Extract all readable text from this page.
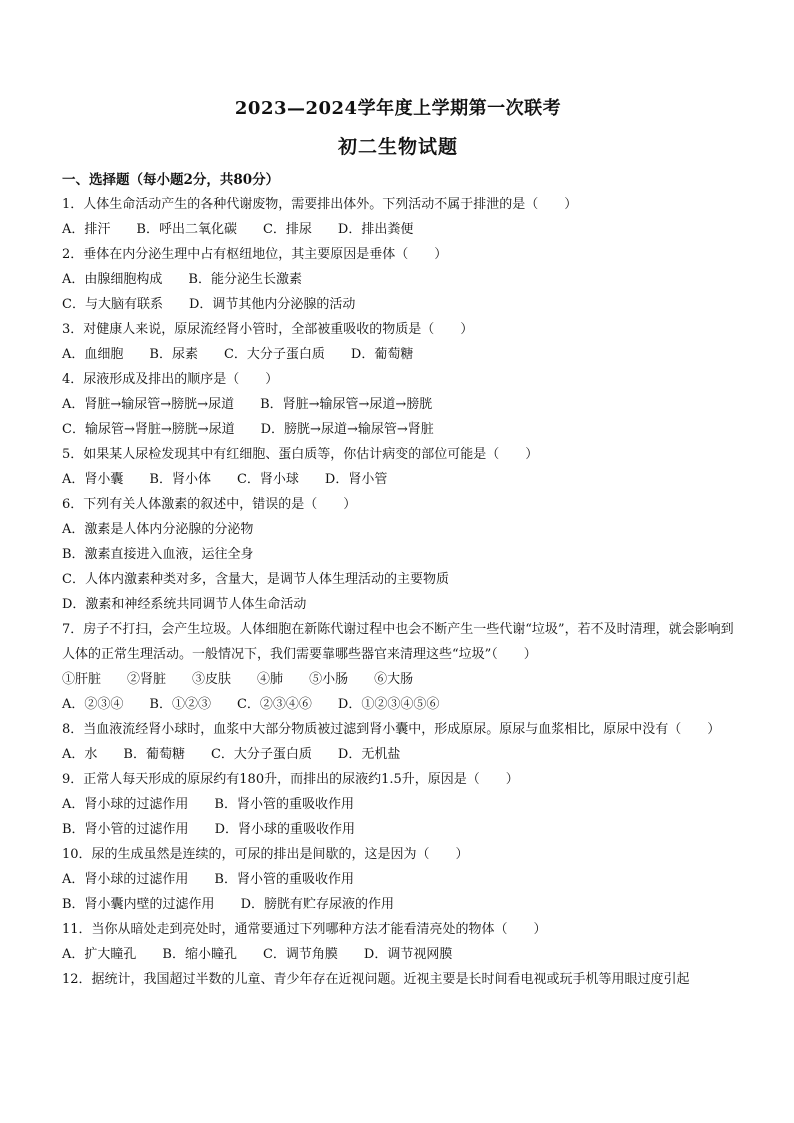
2023—2024学年度上学期第一次联考
初二生物试题
一、选择题（每小题2分，共80分）
1．人体生命活动产生的各种代谢废物，需要排出体外。下列活动不属于排泄的是（　　）
A．排汗 B．呼出二氧化碳 C．排尿 D．排出粪便
2．垂体在内分泌生理中占有枢纽地位，其主要原因是垂体（　　）
A．由腺细胞构成 B．能分泌生长激素
C．与大脑有联系 D．调节其他内分泌腺的活动
3．对健康人来说，原尿流经肾小管时，全部被重吸收的物质是（　　）
A．血细胞 B．尿素 C．大分子蛋白质 D．葡萄糖
4．尿液形成及排出的顺序是（　　）
A．肾脏→输尿管→膀胱→尿道 B．肾脏→输尿管→尿道→膀胱
C．输尿管→肾脏→膀胱→尿道 D．膀胱→尿道→输尿管→肾脏
5．如果某人尿检发现其中有红细胞、蛋白质等，你估计病变的部位可能是（　　）
A．肾小囊 B．肾小体 C．肾小球 D．肾小管
6．下列有关人体激素的叙述中，错误的是（　　）
A．激素是人体内分泌腺的分泌物
B．激素直接进入血液，运往全身
C．人体内激素种类对多，含量大，是调节人体生理活动的主要物质
D．激素和神经系统共同调节人体生命活动
7．房子不打扫，会产生垃圾。人体细胞在新陈代谢过程中也会不断产生一些代谢“垃圾”，若不及时清理，就会影响到人体的正常生理活动。一般情况下，我们需要靠哪些器官来清理这些“垃圾”（　　）
①肝脏 ②肾脏 ③皮肤 ④肺 ⑤小肠 ⑥大肠
A．②③④ B．①②③ C．②③④⑥ D．①②③④⑤⑥
8．当血液流经肾小球时，血浆中大部分物质被过滤到肾小囊中，形成原尿。原尿与血浆相比，原尿中没有（　　）
A．水 B．葡萄糖 C．大分子蛋白质 D．无机盐
9．正常人每天形成的原尿约有180升，而排出的尿液约1.5升，原因是（　　）
A．肾小球的过滤作用 B．肾小管的重吸收作用
B．肾小管的过滤作用 D．肾小球的重吸收作用
10．尿的生成虽然是连续的，可尿的排出是间歇的，这是因为（　　）
A．肾小球的过滤作用 B．肾小管的重吸收作用
B．肾小囊内壁的过滤作用 D．膀胱有贮存尿液的作用
11．当你从暗处走到亮处时，通常要通过下列哪种方法才能看清亮处的物体（　　）
A．扩大瞳孔 B．缩小瞳孔 C．调节角膜 D．调节视网膜
12．据统计，我国超过半数的儿童、青少年存在近视问题。近视主要是长时间看电视或玩手机等用眼过度引起
